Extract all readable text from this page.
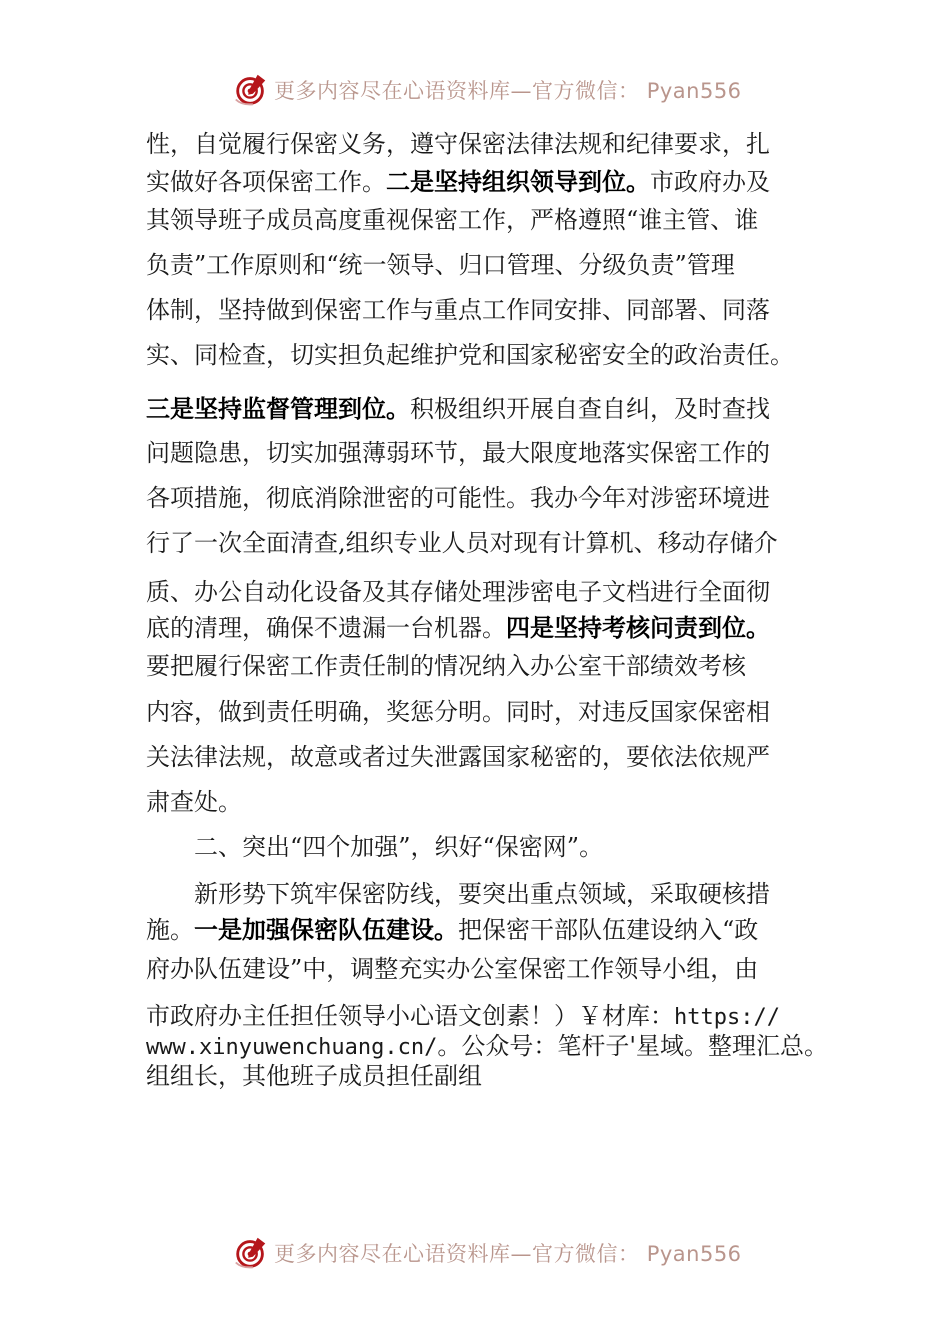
更多内容尽在心语资料库—官方微信： Pyan556
性，自觉履行保密义务，遵守保密法律法规和纪律要求，扎
实做好各项保密工作。二是坚持组织领导到位。市政府办及
其领导班子成员高度重视保密工作，严格遵照“谁主管、谁
负责”工作原则和“统一领导、归口管理、分级负责”管理
体制，坚持做到保密工作与重点工作同安排、同部署、同落
实、同检查，切实担负起维护党和国家秘密安全的政治责任。
三是坚持监督管理到位。积极组织开展自查自纠，及时查找
问题隐患，切实加强薄弱环节，最大限度地落实保密工作的
各项措施，彻底消除泄密的可能性。我办今年对涉密环境进
行了一次全面清查,组织专业人员对现有计算机、移动存储介
质、办公自动化设备及其存储处理涉密电子文档进行全面彻
底的清理，确保不遗漏一台机器。四是坚持考核问责到位。
要把履行保密工作责任制的情况纳入办公室干部绩效考核
内容，做到责任明确，奖惩分明。同时，对违反国家保密相
关法律法规，故意或者过失泄露国家秘密的，要依法依规严
肃查处。
二、突出“四个加强”，织好“保密网”。
新形势下筑牢保密防线，要突出重点领域，采取硬核措
施。一是加强保密队伍建设。把保密干部队伍建设纳入“政
府办队伍建设”中，调整充实办公室保密工作领导小组，由
市政府办主任担任领导小心语文创素！）￥材库：https://
www.xinyuwenchuang.cn/。公众号：笔杆子'星域。整理汇总。
组组长，其他班子成员担任副组
更多内容尽在心语资料库—官方微信： Pyan556
